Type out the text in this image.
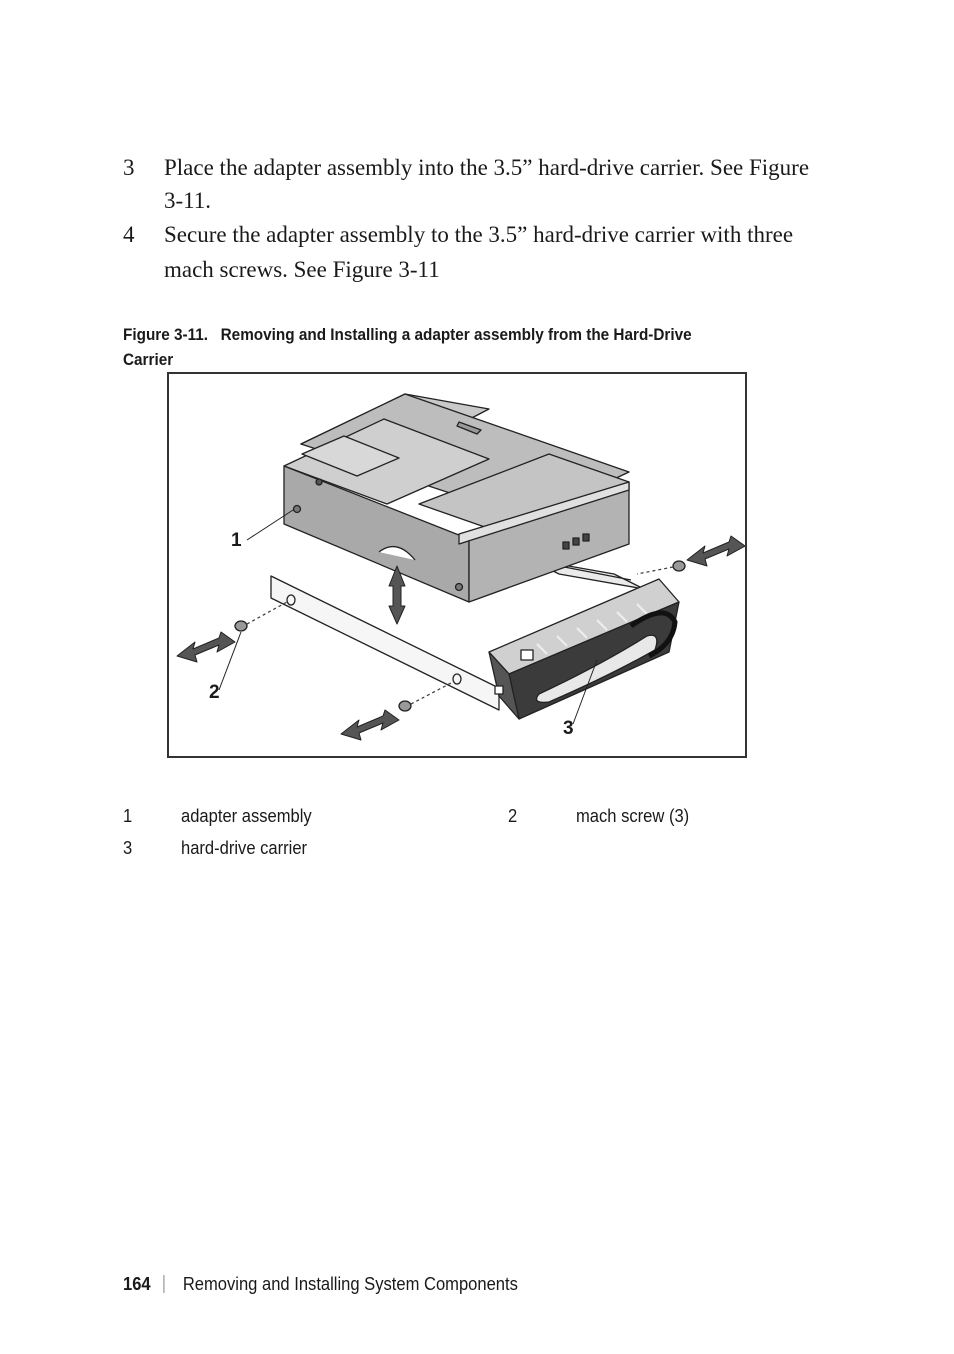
3	Place the adapter assembly into the 3.5” hard-drive carrier. See Figure
3-11.
4	Secure the adapter assembly to the 3.5” hard-drive carrier with three
mach screws. See Figure 3-11
Figure 3-11. Removing and Installing a adapter assembly from the Hard-Drive
Carrier
1
2
3
1	adapter assembly	2	mach screw (3)
3	hard-drive carrier
164 Removing and Installing System Components
